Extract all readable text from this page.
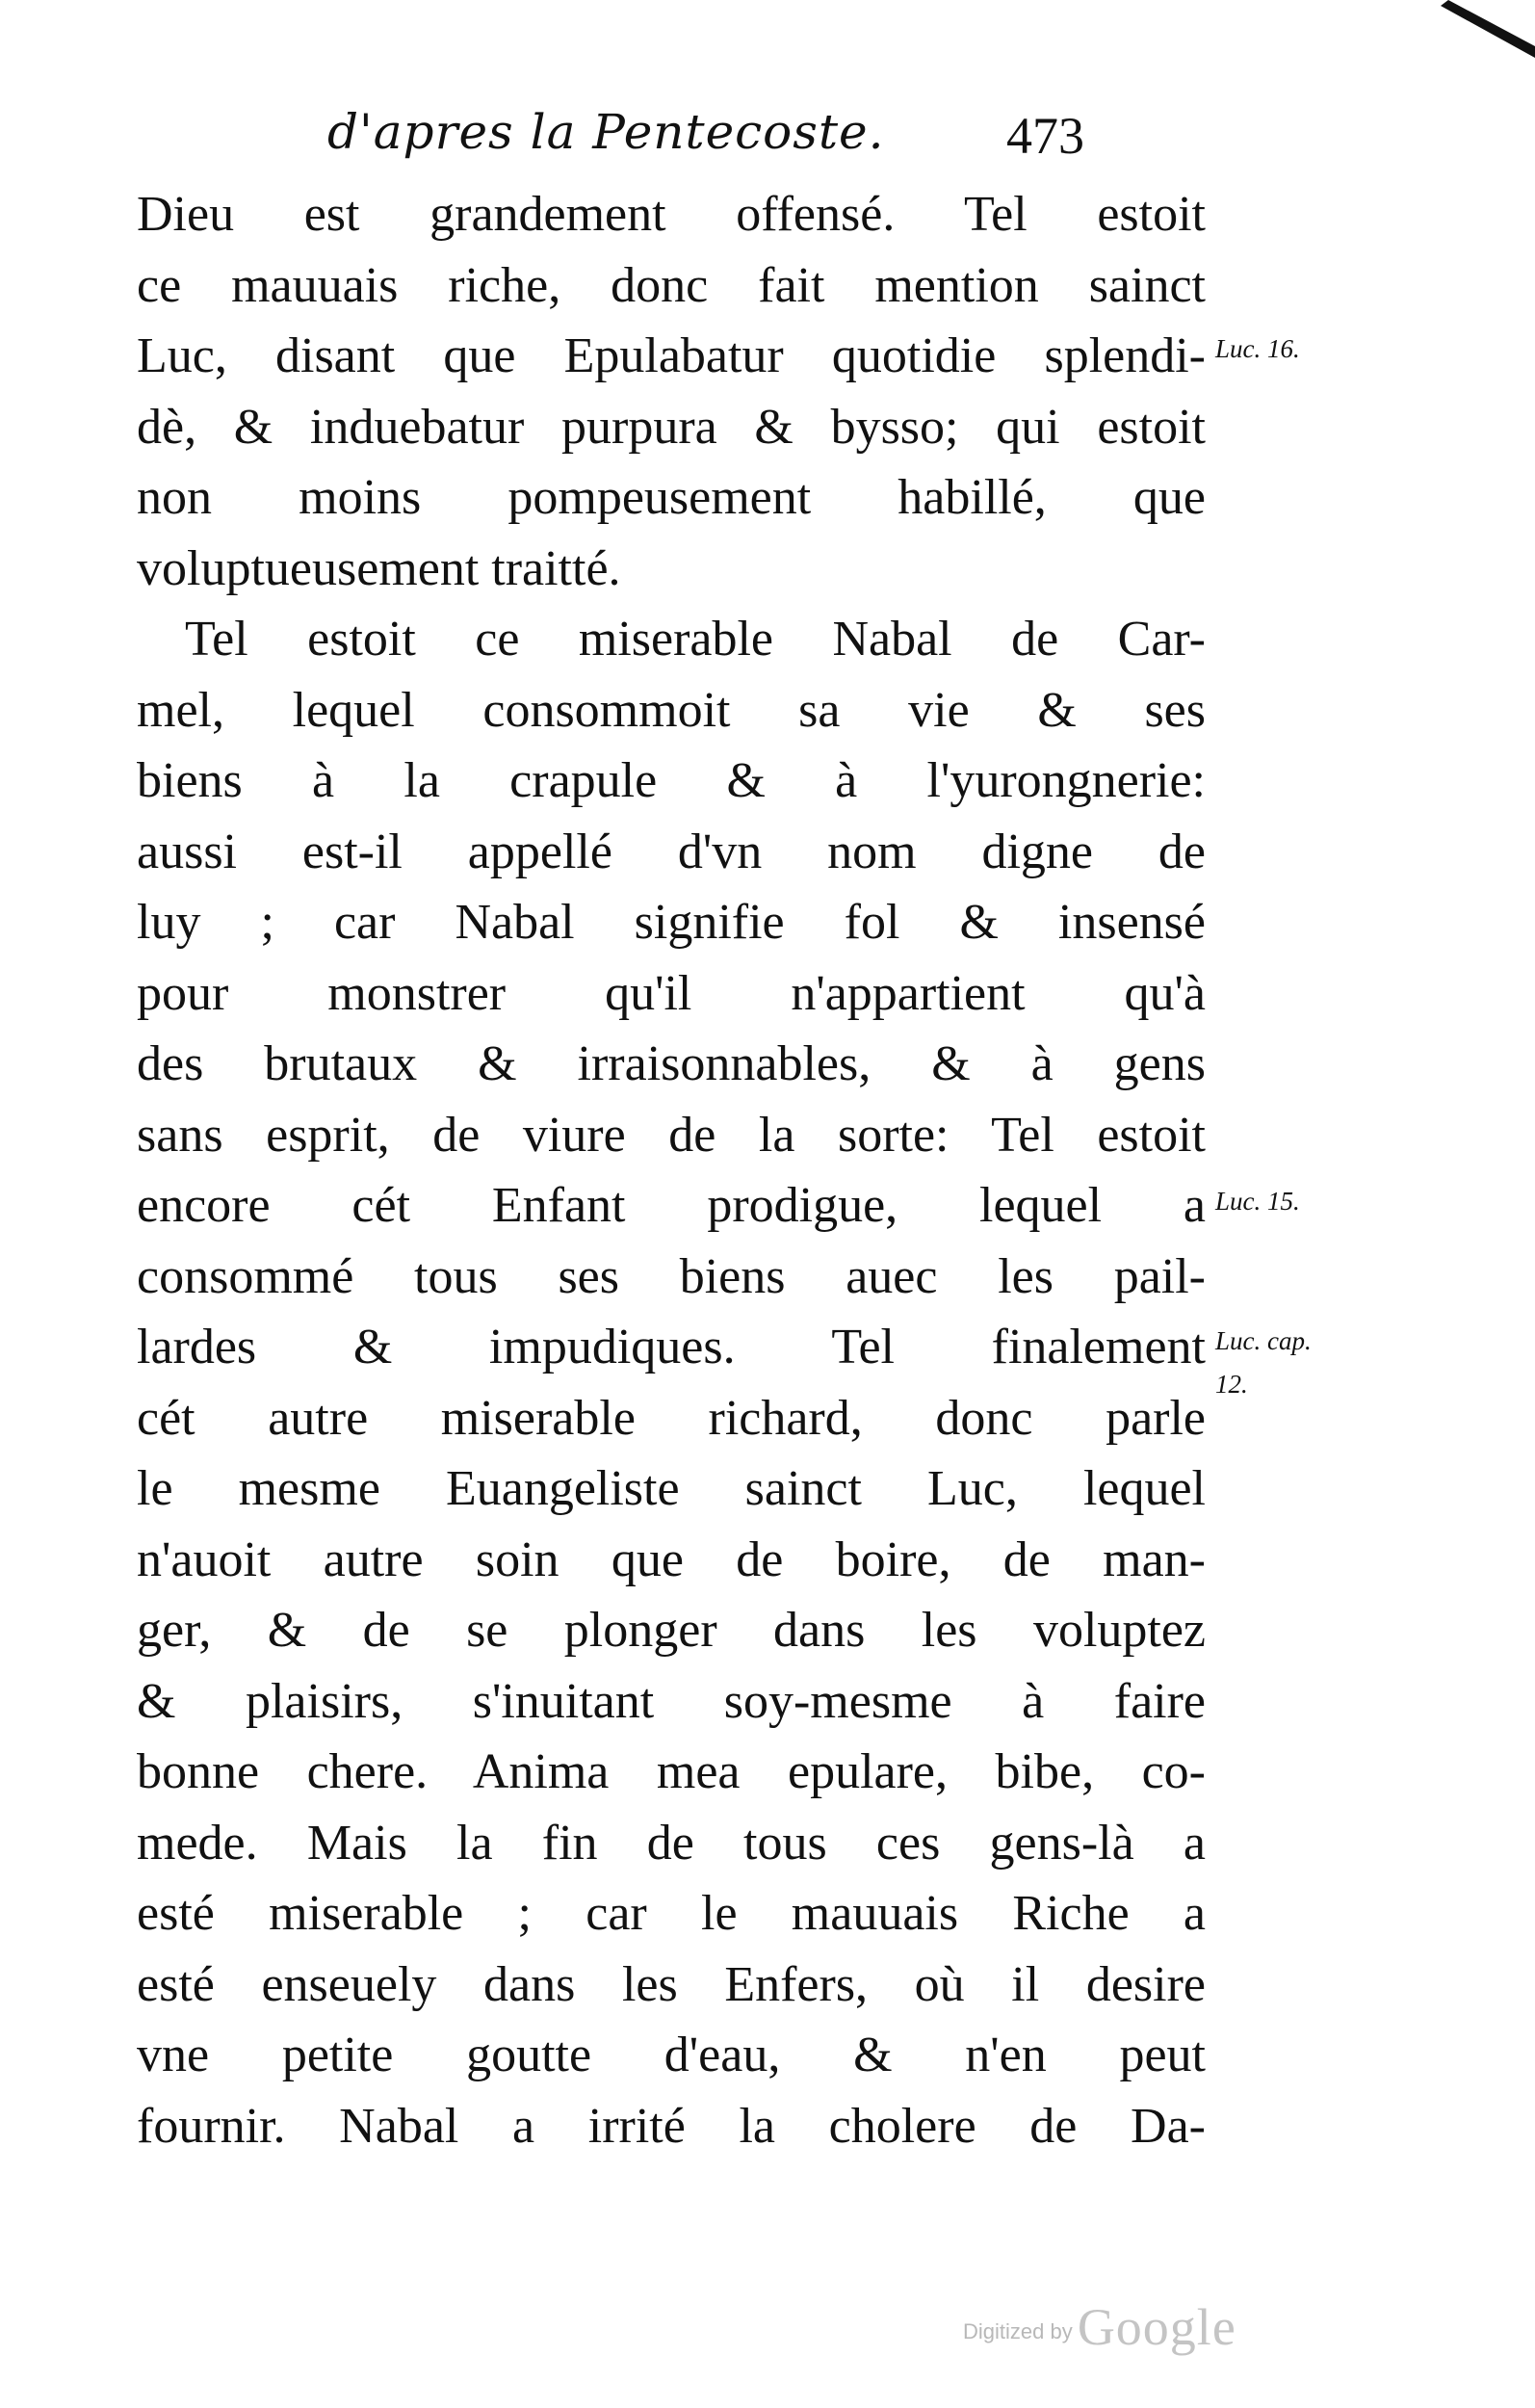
d'apres la Pentecoste. 473
Dieu est grandement offensé. Tel estoit
ce mauuais riche, donc fait mention sainct
Luc, disant que Epulabatur quotidie splendi-
dè, & induebatur purpura & bysso; qui estoit
non moins pompeusement habillé, que
voluptueusement traitté.
Tel estoit ce miserable Nabal de Car-
mel, lequel consommoit sa vie & ses
biens à la crapule & à l'yurongnerie:
aussi est-il appellé d'vn nom digne de
luy ; car Nabal signifie fol & insensé
pour monstrer qu'il n'appartient qu'à
des brutaux & irraisonnables, & à gens
sans esprit, de viure de la sorte: Tel estoit
encore cét Enfant prodigue, lequel a
consommé tous ses biens auec les pail-
lardes & impudiques. Tel finalement
cét autre miserable richard, donc parle
le mesme Euangeliste sainct Luc, lequel
n'auoit autre soin que de boire, de man-
ger, & de se plonger dans les voluptez
& plaisirs, s'inuitant soy-mesme à faire
bonne chere. Anima mea epulare, bibe, co-
mede. Mais la fin de tous ces gens-là a
esté miserable ; car le mauuais Riche a
esté enseuely dans les Enfers, où il desire
vne petite goutte d'eau, & n'en peut
fournir. Nabal a irrité la cholere de Da-
Luc. 16.
Luc. 15.
Luc. cap.
12.
Digitized by Google
